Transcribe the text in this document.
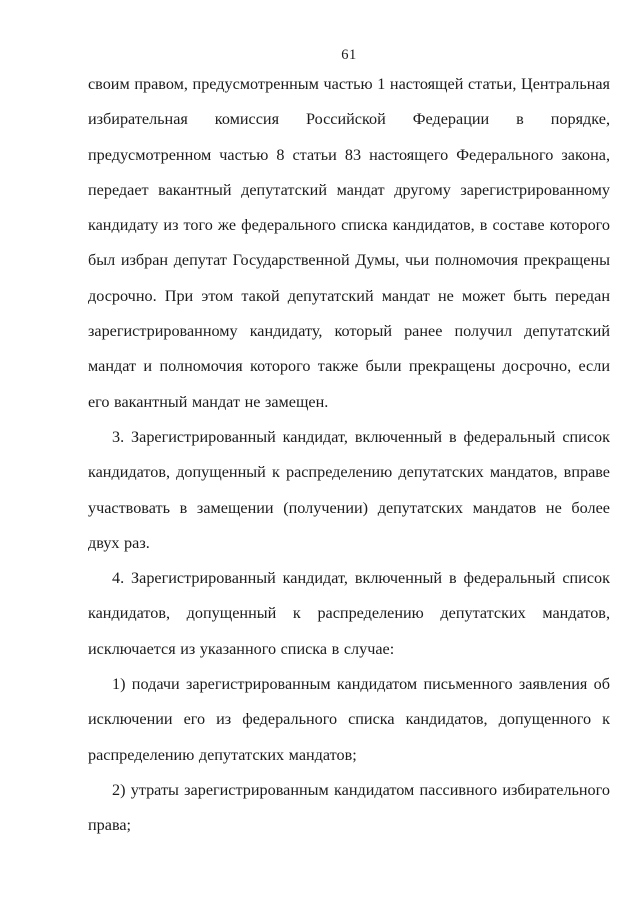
61

своим правом, предусмотренным частью 1 настоящей статьи, Центральная избирательная комиссия Российской Федерации в порядке, предусмотренном частью 8 статьи 83 настоящего Федерального закона, передает вакантный депутатский мандат другому зарегистрированному кандидату из того же федерального списка кандидатов, в составе которого был избран депутат Государственной Думы, чьи полномочия прекращены досрочно. При этом такой депутатский мандат не может быть передан зарегистрированному кандидату, который ранее получил депутатский мандат и полномочия которого также были прекращены досрочно, если его вакантный мандат не замещен.

3. Зарегистрированный кандидат, включенный в федеральный список кандидатов, допущенный к распределению депутатских мандатов, вправе участвовать в замещении (получении) депутатских мандатов не более двух раз.

4. Зарегистрированный кандидат, включенный в федеральный список кандидатов, допущенный к распределению депутатских мандатов, исключается из указанного списка в случае:

1) подачи зарегистрированным кандидатом письменного заявления об исключении его из федерального списка кандидатов, допущенного к распределению депутатских мандатов;

2) утраты зарегистрированным кандидатом пассивного избирательного права;
